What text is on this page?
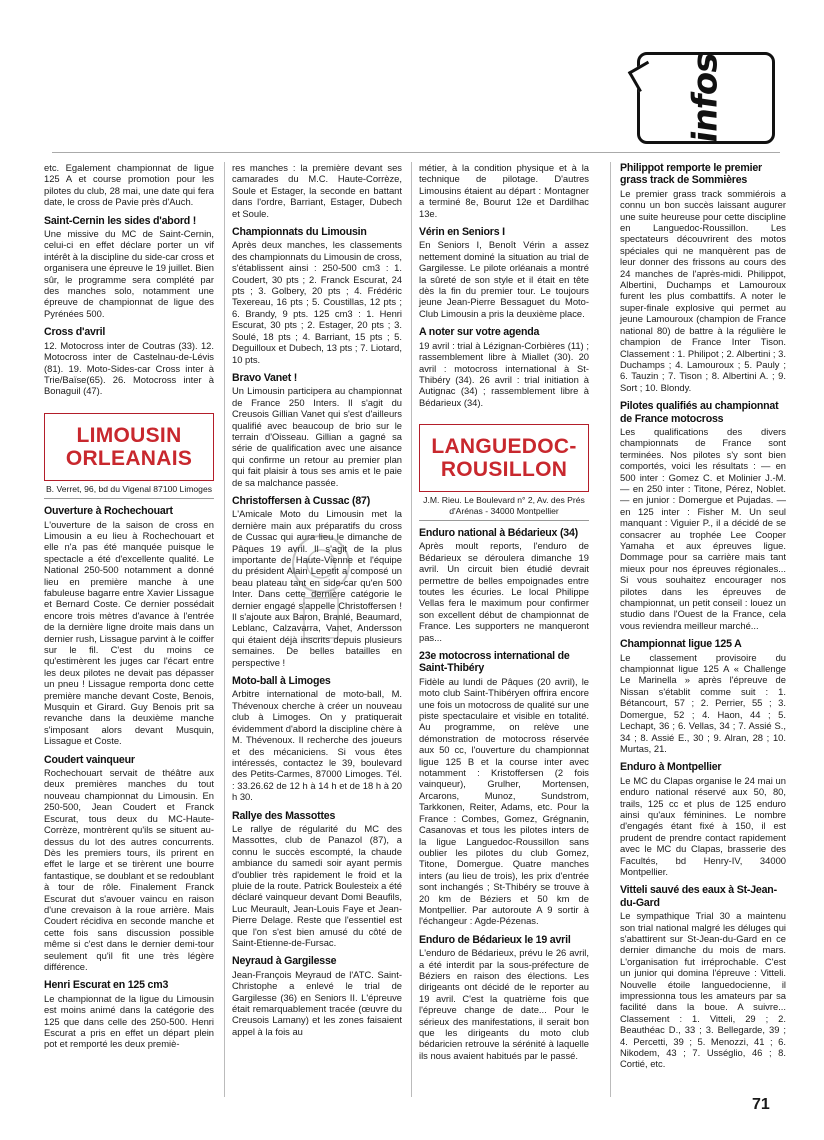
infos

etc. Egalement championnat de ligue 125 A et course promotion pour les pilotes du club, 28 mai, une date qui fera date, le cross de Pavie près d'Auch.

Saint-Cernin les sides d'abord !

Une missive du MC de Saint-Cernin, celui-ci en effet déclare porter un vif intérêt à la discipline du side-car cross et organisera une épreuve le 19 juillet. Bien sûr, le programme sera complété par des manches solo, notamment une épreuve de championnat de ligue des Pyrénées 500.

Cross d'avril

12. Motocross inter de Coutras (33). 12. Motocross inter de Castelnau-de-Lévis (81). 19. Moto-Sides-car Cross inter à Trie/Baïse(65). 26. Motocross inter à Bonaguil (47).

LIMOUSIN ORLEANAIS
B. Verret, 96, bd du Vigenal 87100 Limoges
Ouverture à Rochechouart

L'ouverture de la saison de cross en Limousin a eu lieu à Rochechouart et elle n'a pas été manquée puisque le spectacle a été d'excellente qualité. Le National 250-500 notamment a donné lieu en première manche à une fabuleuse bagarre entre Xavier Lissague et Bernard Coste. Ce dernier possédait encore trois mètres d'avance à l'entrée de la dernière ligne droite mais dans un dernier rush, Lissague parvint à le coiffer sur le fil. C'est du moins ce qu'estimèrent les juges car l'écart entre les deux pilotes ne devait pas dépasser un pneu ! Lissague remporta donc cette première manche devant Coste, Benois, Musquin et Girard. Guy Benois prit sa revanche dans la deuxième manche s'imposant alors devant Musquin, Lissague et Coste.

Coudert vainqueur

Rochechouart servait de théâtre aux deux premières manches du tout nouveau championnat du Limousin. En 250-500, Jean Coudert et Franck Escurat, tous deux du MC-Haute-Corrèze, montrèrent qu'ils se situent au-dessus du lot des autres concurrents. Dès les premiers tours, ils prirent en effet le large et se tirèrent une bourre fantastique, se doublant et se redoublant à tour de rôle. Finalement Franck Escurat dut s'avouer vaincu en raison d'une crevaison à la roue arrière. Mais Coudert récidiva en seconde manche et cette fois sans discussion possible même si c'est dans le dernier demi-tour seulement qu'il fit une très légère différence.

Henri Escurat en 125 cm3

Le championnat de la ligue du Limousin est moins animé dans la catégorie des 125 que dans celle des 250-500. Henri Escurat a pris en effet un départ plein pot et remporté les deux premiè-

res manches : la première devant ses camarades du M.C. Haute-Corrèze, Soule et Estager, la seconde en battant dans l'ordre, Barriant, Estager, Dubech et Soule.

Championnats du Limousin

Après deux manches, les classements des championnats du Limousin de cross, s'établissent ainsi : 250-500 cm3 : 1. Coudert, 30 pts ; 2. Franck Escurat, 24 pts ; 3. Golbery, 20 pts ; 4. Frédéric Texereau, 16 pts ; 5. Coustillas, 12 pts ; 6. Brandy, 9 pts. 125 cm3 : 1. Henri Escurat, 30 pts ; 2. Estager, 20 pts ; 3. Soulé, 18 pts ; 4. Barriant, 15 pts ; 5. Deguilloux et Dubech, 13 pts ; 7. Liotard, 10 pts.

Bravo Vanet !

Un Limousin participera au championnat de France 250 Inters. Il s'agit du Creusois Gillian Vanet qui s'est d'ailleurs qualifié avec beaucoup de brio sur le terrain d'Oisseau. Gillian a gagné sa série de qualification avec une aisance qui confirme un retour au premier plan qui fait plaisir à tous ses amis et le paie de sa malchance passée.

Christoffersen à Cussac (87)

L'Amicale Moto du Limousin met la dernière main aux préparatifs du cross de Cussac qui aura lieu le dimanche de Pâques 19 avril. Il s'agit de la plus importante de Haute-Vienne et l'équipe du président Alain Lepetit a composé un beau plateau tant en side-car qu'en 500 Inter. Dans cette dernière catégorie le dernier engagé s'appelle Christoffersen ! Il s'ajoute aux Baron, Branlé, Beaumard, Leblanc, Calzavarra, Vanet, Andersson qui étaient déjà inscrits depuis plusieurs semaines. De belles batailles en perspective !

Moto-ball à Limoges

Arbitre international de moto-ball, M. Thévenoux cherche à créer un nouveau club à Limoges. On y pratiquerait évidemment d'abord la discipline chère à M. Thévenoux. Il recherche des joueurs et des mécaniciens. Si vous êtes intéressés, contactez le 39, boulevard des Petits-Carmes, 87000 Limoges. Tél. : 33.26.62 de 12 h à 14 h et de 18 h à 20 h 30.

Rallye des Massottes

Le rallye de régularité du MC des Massottes, club de Panazol (87), a connu le succès escompté, la chaude ambiance du samedi soir ayant permis d'oublier très rapidement le froid et la pluie de la route. Patrick Boulesteix a été déclaré vainqueur devant Domi Beaufils, Luc Meurault, Jean-Louis Faye et Jean-Pierre Delage. Reste que l'essentiel est que l'on s'est bien amusé du côté de Saint-Etienne-de-Fursac.

Neyraud à Gargilesse

Jean-François Meyraud de l'ATC. Saint-Christophe a enlevé le trial de Gargilesse (36) en Seniors II. L'épreuve était remarquablement tracée (œuvre du Creusois Lamany) et les zones faisaient appel à la fois au

métier, à la condition physique et à la technique de pilotage. D'autres Limousins étaient au départ : Montagner a terminé 8e, Bourut 12e et Dardilhac 13e.

Vérin en Seniors I

En Seniors I, Benoît Vérin a assez nettement dominé la situation au trial de Gargilesse. Le pilote orléanais a montré la sûreté de son style et il était en tête dès la fin du premier tour. Le toujours jeune Jean-Pierre Bessaguet du Moto-Club Limousin a pris la deuxième place.

A noter sur votre agenda

19 avril : trial à Lézignan-Corbières (11) ; rassemblement libre à Miallet (30). 20 avril : motocross international à St-Thibéry (34). 26 avril : trial initiation à Autignac (34) ; rassemblement libre à Bédarieux (34).

LANGUEDOC-ROUSILLON
J.M. Rieu. Le Boulevard n° 2, Av. des Prés d'Arénas - 34000 Montpellier
Enduro national à Bédarieux (34)

Après moult reports, l'enduro de Bédarieux se déroulera dimanche 19 avril. Un circuit bien étudié devrait permettre de belles empoignades entre toutes les écuries. Le local Philippe Vellas fera le maximum pour confirmer son excellent début de championnat de France. Les supporters ne manqueront pas...

23e motocross international de Saint-Thibéry

Fidèle au lundi de Pâques (20 avril), le moto club Saint-Thibéryen offrira encore une fois un motocross de qualité sur une piste spectaculaire et visible en totalité. Au programme, on relève une démonstration de motocross réservée aux 50 cc, l'ouverture du championnat ligue 125 B et la course inter avec notamment : Kristoffersen (2 fois vainqueur), Grulher, Mortensen, Arcarons, Munoz, Sundstrom, Tarkkonen, Reiter, Adams, etc. Pour la France : Combes, Gomez, Grégnanin, Casanovas et tous les pilotes inters de la ligue Languedoc-Roussillon sans oublier les pilotes du club Gomez, Titone, Domergue. Quatre manches inters (au lieu de trois), les prix d'entrée sont inchangés ; St-Thibéry se trouve à 20 km de Béziers et 50 km de Montpellier. Par autoroute A 9 sortir à l'échangeur : Agde-Pézenas.

Enduro de Bédarieux le 19 avril

L'enduro de Bédarieux, prévu le 26 avril, a été interdit par la sous-préfecture de Béziers en raison des élections. Les dirigeants ont décidé de le reporter au 19 avril. C'est la quatrième fois que l'épreuve change de date... Pour le sérieux des manifestations, il serait bon que les dirigeants du moto club bédaricien retrouve la sérénité à laquelle ils nous avaient habitués par le passé.

Philippot remporte le premier grass track de Sommières

Le premier grass track sommiérois a connu un bon succès laissant augurer une suite heureuse pour cette discipline en Languedoc-Roussillon. Les spectateurs découvrirent des motos spéciales qui ne manquèrent pas de leur donner des frissons au cours des 24 manches de l'après-midi. Philippot, Albertini, Duchamps et Lamouroux furent les plus combattifs. A noter le super-finale explosive qui permet au jeune Lamouroux (champion de France national 80) de battre à la régulière le champion de France Inter Tison. Classement : 1. Philipot ; 2. Albertini ; 3. Duchamps ; 4. Lamouroux ; 5. Pauly ; 6. Tauzin ; 7. Tison ; 8. Albertini A. ; 9. Sort ; 10. Blondy.

Pilotes qualifiés au championnat de France motocross

Les qualifications des divers championnats de France sont terminées. Nos pilotes s'y sont bien comportés, voici les résultats : — en 500 inter : Gomez C. et Molinier J.-M. — en 250 inter : Titone, Pérez, Noblet. — en junior : Domergue et Pujadas. — en 125 inter : Fisher M. Un seul manquant : Viguier P., il a décidé de se consacrer au trophée Lee Cooper Yamaha et aux épreuves ligue. Dommage pour sa carrière mais tant mieux pour nos épreuves régionales... Si vous souhaitez encourager nos pilotes dans les épreuves de championnat, un petit conseil : louez un studio dans l'Ouest de la France, cela vous reviendra meilleur marché...

Championnat ligue 125 A

Le classement provisoire du championnat ligue 125 A « Challenge Le Marinella » après l'épreuve de Nissan s'établit comme suit : 1. Bétancourt, 57 ; 2. Perrier, 55 ; 3. Domergue, 52 ; 4. Haon, 44 ; 5. Lechapt, 36 ; 6. Vellas, 34 ; 7. Assié S., 34 ; 8. Assié E., 30 ; 9. Alran, 28 ; 10. Murtas, 21.

Enduro à Montpellier

Le MC du Clapas organise le 24 mai un enduro national réservé aux 50, 80, trails, 125 cc et plus de 125 enduro ainsi qu'aux féminines. Le nombre d'engagés étant fixé à 150, il est prudent de prendre contact rapidement avec le MC du Clapas, brasserie des Facultés, bd Henry-IV, 34000 Montpellier.

Vitteli sauvé des eaux à St-Jean-du-Gard

Le sympathique Trial 30 a maintenu son trial national malgré les déluges qui s'abattirent sur St-Jean-du-Gard en ce dernier dimanche du mois de mars. L'organisation fut irréprochable. C'est un junior qui domina l'épreuve : Vitteli. Nouvelle étoile languedocienne, il impressionna tous les amateurs par sa facilité dans la boue. A suivre... Classement : 1. Vitteli, 29 ; 2. Beauthéac D., 33 ; 3. Bellegarde, 39 ; 4. Percetti, 39 ; 5. Menozzi, 41 ; 6. Nikodem, 43 ; 7. Usséglio, 46 ; 8. Cortié, etc.

71
